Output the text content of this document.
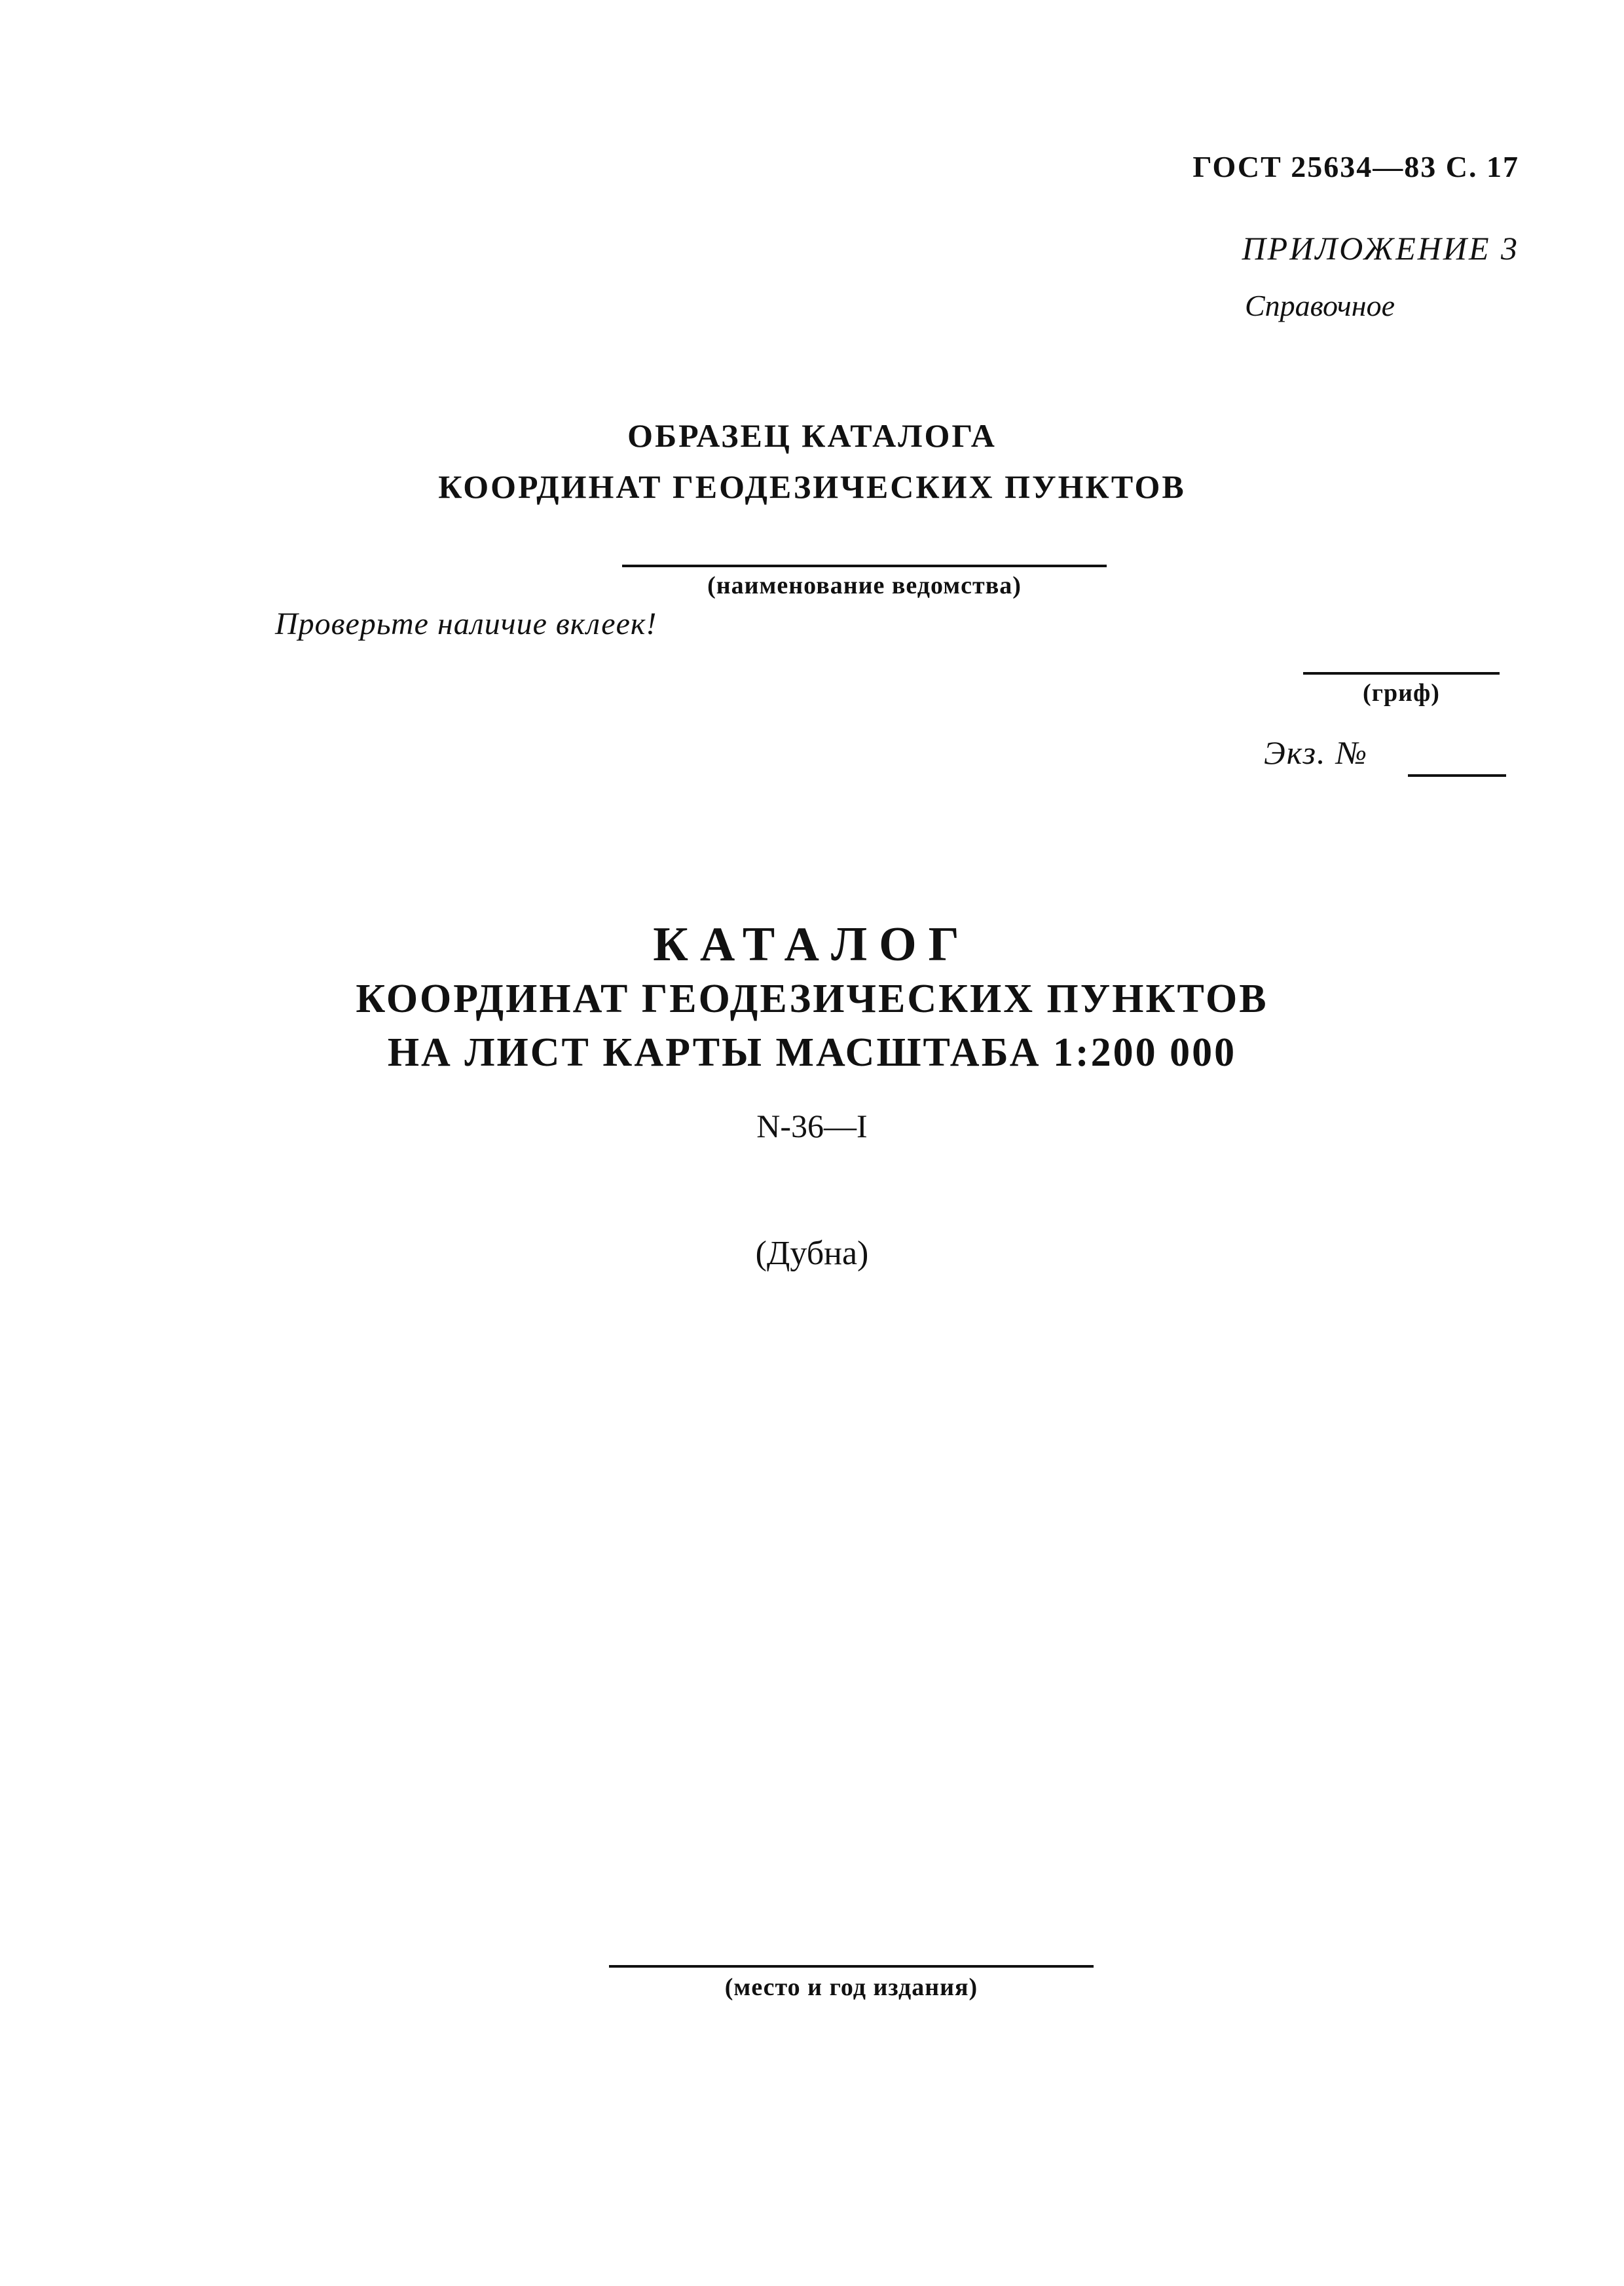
ГОСТ 25634—83 С. 17
ПРИЛОЖЕНИЕ 3
Справочное
ОБРАЗЕЦ КАТАЛОГА
КООРДИНАТ ГЕОДЕЗИЧЕСКИХ ПУНКТОВ
(наименование ведомства)
Проверьте наличие вклеек!
(гриф)
Экз. №
КАТАЛОГ
КООРДИНАТ ГЕОДЕЗИЧЕСКИХ ПУНКТОВ
НА ЛИСТ КАРТЫ МАСШТАБА 1:200 000
N-36—I
(Дубна)
(место и год издания)
